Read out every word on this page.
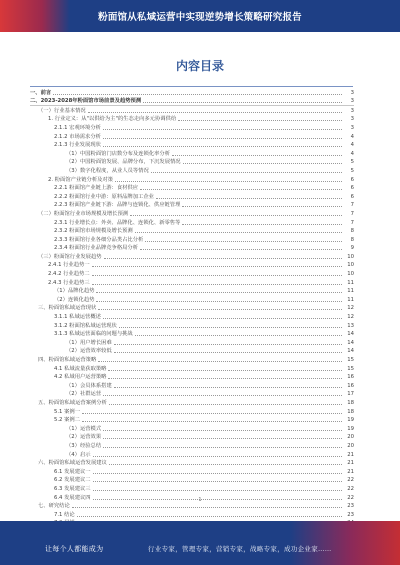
粉面馆从私域运营中实现逆势增长策略研究报告
内容目录
一、前言	3
二、2023-2028年粉面馆市场前景及趋势预测	3
（一）行业基本情况	3
1. 行业定义：从"以供给为主"的生态走向多元协调供给	3
2.1.1 宏观环境分析	3
2.1.2 市场需求分析	4
2.1.3 行业发展现状	4
（1）中国粉面馆门店数分布及连锁化率分析	4
（2）中国粉面馆发展、品牌分布，下沉发展情况	5
（3）数字化程度，从业人员等情况	5
2. 粉面馆产业链分析及对策	6
2.2.1 粉面馆产业链上游：食材供应	6
2.2.2 粉面馆行业中游：原料品牌加工企业	6
2.2.3 粉面馆产业链下游：品牌与连锁化、供应链管理	7
（二）粉面馆行业市场规模及增长预测	7
2.3.1 行业增长点：外卖、品牌化、连锁化、新零售等	7
2.3.2 粉面馆市场规模及增长预测	8
2.3.3 粉面馆行业各细分品类占比分析	8
2.3.4 粉面馆行业品牌竞争格局分析	9
（三）粉面馆行业发展趋势	10
2.4.1 行业趋势一	10
2.4.2 行业趋势二	10
2.4.3 行业趋势三	11
（1）品牌化趋势	11
（2）连锁化趋势	11
三、粉面馆私域运营现状	12
3.1.1 私域运营概述	12
3.1.2 粉面馆私域运营现状	13
3.1.3 私域运营面临的问题与挑战	14
（1）用户增长困难	14
（2）运营效率较低	14
四、粉面馆私域运营策略	15
4.1 私域流量获取策略	15
4.2 私域用户运营策略	16
（1）会员体系搭建	16
（2）社群运营	17
五、粉面馆私域运营案例分析	18
5.1 案例一	18
5.2 案例二	19
（1）运营模式	19
（2）运营效果	20
（3）经验总结	20
（4）启示	21
六、粉面馆私域运营发展建议	21
6.1 发展建议一	21
6.2 发展建议二	22
6.3 发展建议三	22
6.4 发展建议四	22
七、研究结论	23
7.1 结论	23
1
让每个人都能成为	行业专家，管理专家，营销专家，战略专家，成功企业家……
